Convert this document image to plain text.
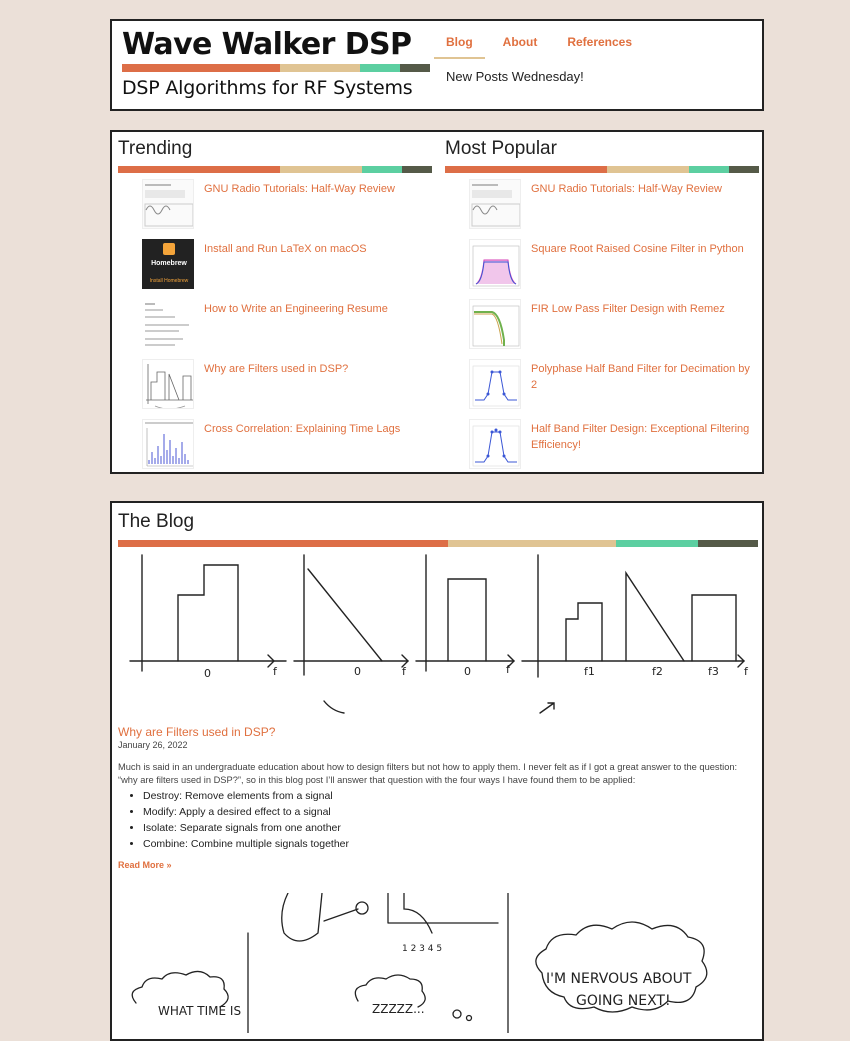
Wave Walker DSP
DSP Algorithms for RF Systems
Blog	About	References
New Posts Wednesday!
Trending
GNU Radio Tutorials: Half-Way Review
Homebrew
Install Homebrew
Install and Run LaTeX on macOS
How to Write an Engineering Resume
Why are Filters used in DSP?
Cross Correlation: Explaining Time Lags
Most Popular
GNU Radio Tutorials: Half-Way Review
Square Root Raised Cosine Filter in Python
FIR Low Pass Filter Design with Remez
Polyphase Half Band Filter for Decimation by 2
Half Band Filter Design: Exceptional Filtering Efficiency!
The Blog
0	f	0	f	0	f	f1	f2	f3 f
Why are Filters used in DSP?
January 26, 2022
Much is said in an undergraduate education about how to design filters but not how to apply them. I never felt as if I got a great answer to the question: “why are filters used in DSP?”, so in this blog post I’ll answer that question with the four ways I have found them to be applied:
• Destroy: Remove elements from a signal
• Modify: Apply a desired effect to a signal
• Isolate: Separate signals from one another
• Combine: Combine multiple signals together
Read More »
WHAT TIME IS	ZZZZZ...
I'M NERVOUS ABOUT
GOING NEXT!
1 2 3 4 5
